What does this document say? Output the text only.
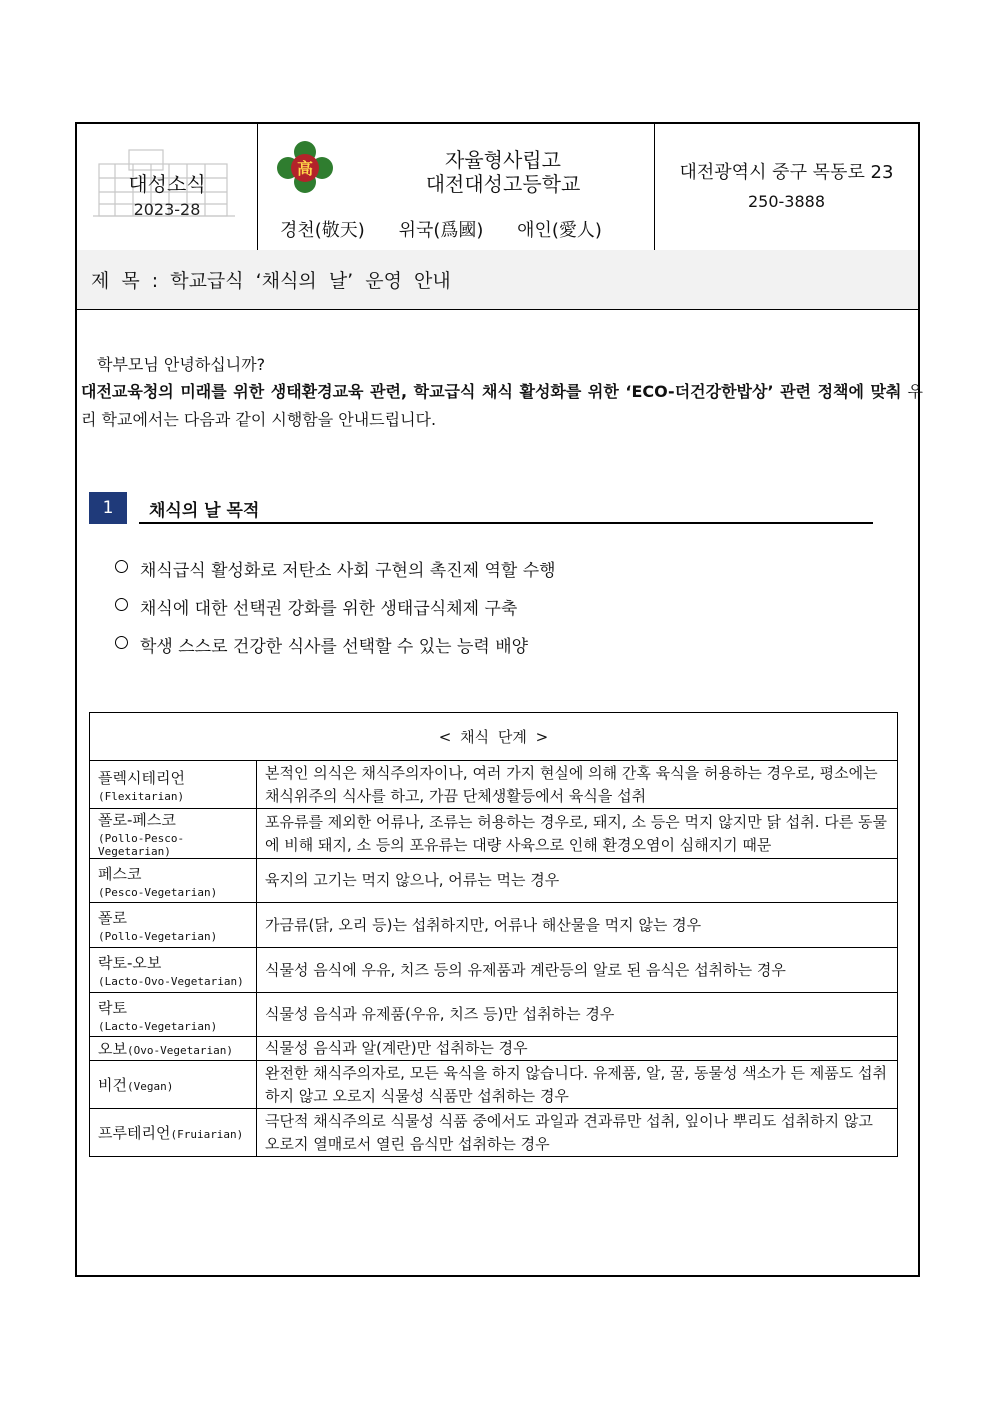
대성소식
2023-28
高	자율형사립고
대전대성고등학교
경천(敬天) 위국(爲國) 애인(愛人)
대전광역시 중구 목동로 23
250-3888
제 목 : 학교급식 ‘채식의 날’ 운영 안내
학부모님 안녕하십니까?
대전교육청의 미래를 위한 생태환경교육 관련, 학교급식 채식 활성화를 위한 ‘ECO-더건강한밥상’ 관련 정책에 맞춰 우리 학교에서는 다음과 같이 시행함을 안내드립니다.
1	채식의 날 목적
채식급식 활성화로 저탄소 사회 구현의 촉진제 역할 수행
채식에 대한 선택권 강화를 위한 생태급식체제 구축
학생 스스로 건강한 식사를 선택할 수 있는 능력 배양
< 채식 단계 >	
플렉시테리언
(Flexitarian)	본적인 의식은 채식주의자이나, 여러 가지 현실에 의해 간혹 육식을 허용하는 경우로, 평소에는 채식위주의 식사를 하고, 가끔 단체생활등에서 육식을 섭취
폴로-페스코
(Pollo-Pesco-Vegetarian)	포유류를 제외한 어류나, 조류는 허용하는 경우로, 돼지, 소 등은 먹지 않지만 닭 섭취. 다른 동물에 비해 돼지, 소 등의 포유류는 대량 사육으로 인해 환경오염이 심해지기 때문
페스코
(Pesco-Vegetarian)	육지의 고기는 먹지 않으나, 어류는 먹는 경우
폴로
(Pollo-Vegetarian)	가금류(닭, 오리 등)는 섭취하지만, 어류나 해산물을 먹지 않는 경우
락토-오보
(Lacto-Ovo-Vegetarian)	식물성 음식에 우유, 치즈 등의 유제품과 계란등의 알로 된 음식은 섭취하는 경우
락토
(Lacto-Vegetarian)	식물성 음식과 유제품(우유, 치즈 등)만 섭취하는 경우
오보(Ovo-Vegetarian)	식물성 음식과 알(계란)만 섭취하는 경우
비건(Vegan)	완전한 채식주의자로, 모든 육식을 하지 않습니다. 유제품, 알, 꿀, 동물성 색소가 든 제품도 섭취하지 않고 오로지 식물성 식품만 섭취하는 경우
프루테리언(Fruiarian)	극단적 채식주의로 식물성 식품 중에서도 과일과 견과류만 섭취, 잎이나 뿌리도 섭취하지 않고 오로지 열매로서 열린 음식만 섭취하는 경우
